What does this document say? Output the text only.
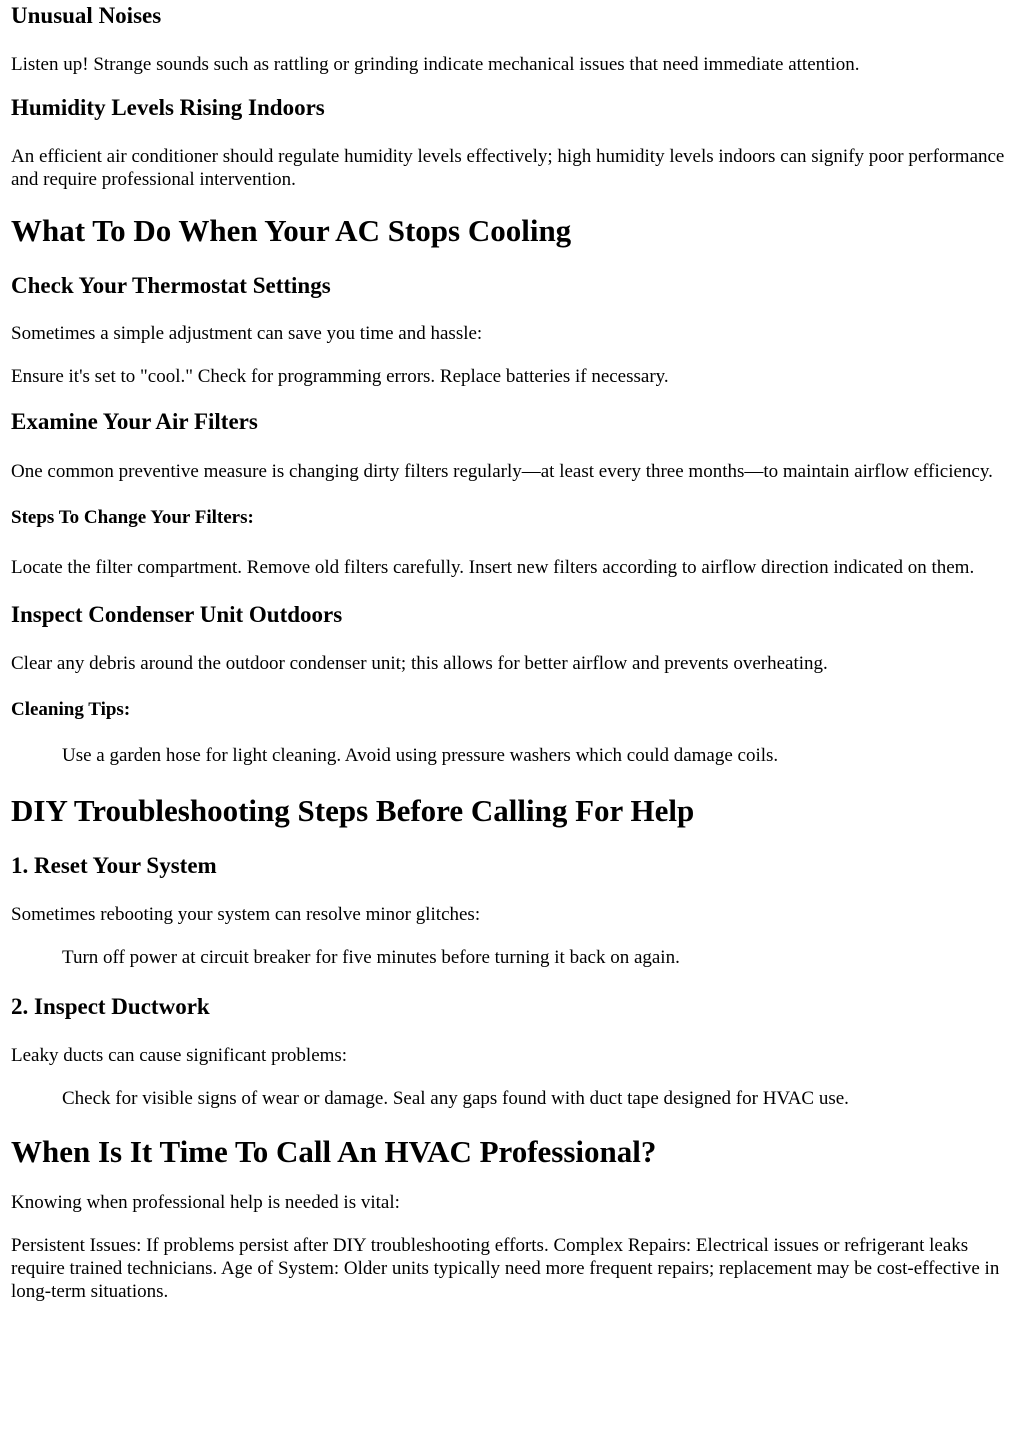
Unusual Noises

Listen up! Strange sounds such as rattling or grinding indicate mechanical issues that need immediate attention.

Humidity Levels Rising Indoors

An efficient air conditioner should regulate humidity levels effectively; high humidity levels indoors can signify poor performance and require professional intervention.

What To Do When Your AC Stops Cooling
Check Your Thermostat Settings

Sometimes a simple adjustment can save you time and hassle:

Ensure it's set to "cool." Check for programming errors. Replace batteries if necessary.

Examine Your Air Filters

One common preventive measure is changing dirty filters regularly—at least every three months—to maintain airflow efficiency.

Steps To Change Your Filters:

Locate the filter compartment. Remove old filters carefully. Insert new filters according to airflow direction indicated on them.

Inspect Condenser Unit Outdoors

Clear any debris around the outdoor condenser unit; this allows for better airflow and prevents overheating.

Cleaning Tips:

Use a garden hose for light cleaning. Avoid using pressure washers which could damage coils.

DIY Troubleshooting Steps Before Calling For Help
1. Reset Your System

Sometimes rebooting your system can resolve minor glitches:

Turn off power at circuit breaker for five minutes before turning it back on again.

2. Inspect Ductwork

Leaky ducts can cause significant problems:

Check for visible signs of wear or damage. Seal any gaps found with duct tape designed for HVAC use.

When Is It Time To Call An HVAC Professional?

Knowing when professional help is needed is vital:

Persistent Issues: If problems persist after DIY troubleshooting efforts. Complex Repairs: Electrical issues or refrigerant leaks require trained technicians. Age of System: Older units typically need more frequent repairs; replacement may be cost-effective in long-term situations.
